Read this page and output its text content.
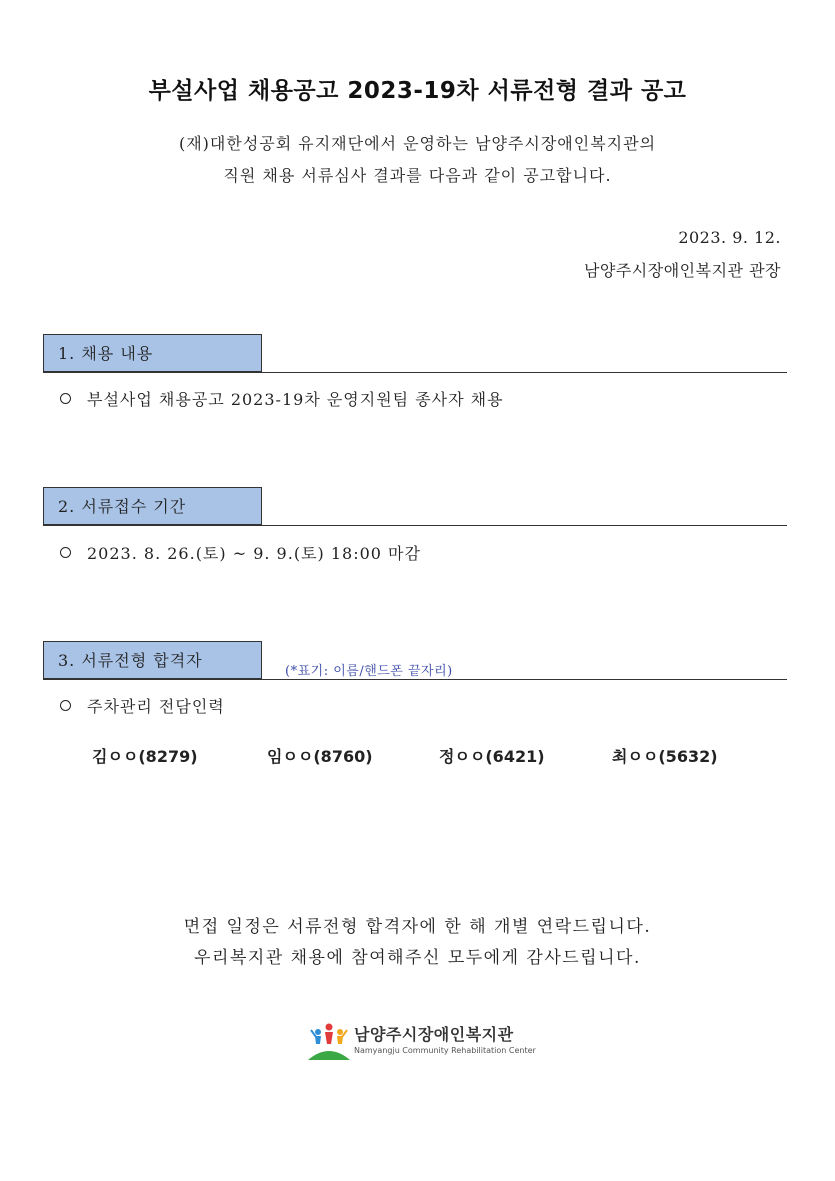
부설사업 채용공고 2023-19차 서류전형 결과 공고
(재)대한성공회 유지재단에서 운영하는 남양주시장애인복지관의
직원 채용 서류심사 결과를 다음과 같이 공고합니다.
2023. 9. 12.
남양주시장애인복지관 관장
1. 채용 내용
부설사업 채용공고 2023-19차 운영지원팀 종사자 채용
2. 서류접수 기간
2023. 8. 26.(토) ~ 9. 9.(토) 18:00 마감
3. 서류전형 합격자
(*표기: 이름/핸드폰 끝자리)
주차관리 전담인력
김ㅇㅇ(8279)	임ㅇㅇ(8760)	정ㅇㅇ(6421)	최ㅇㅇ(5632)
면접 일정은 서류전형 합격자에 한 해 개별 연락드립니다.
우리복지관 채용에 참여해주신 모두에게 감사드립니다.
남양주시장애인복지관
Namyangju Community Rehabilitation Center
